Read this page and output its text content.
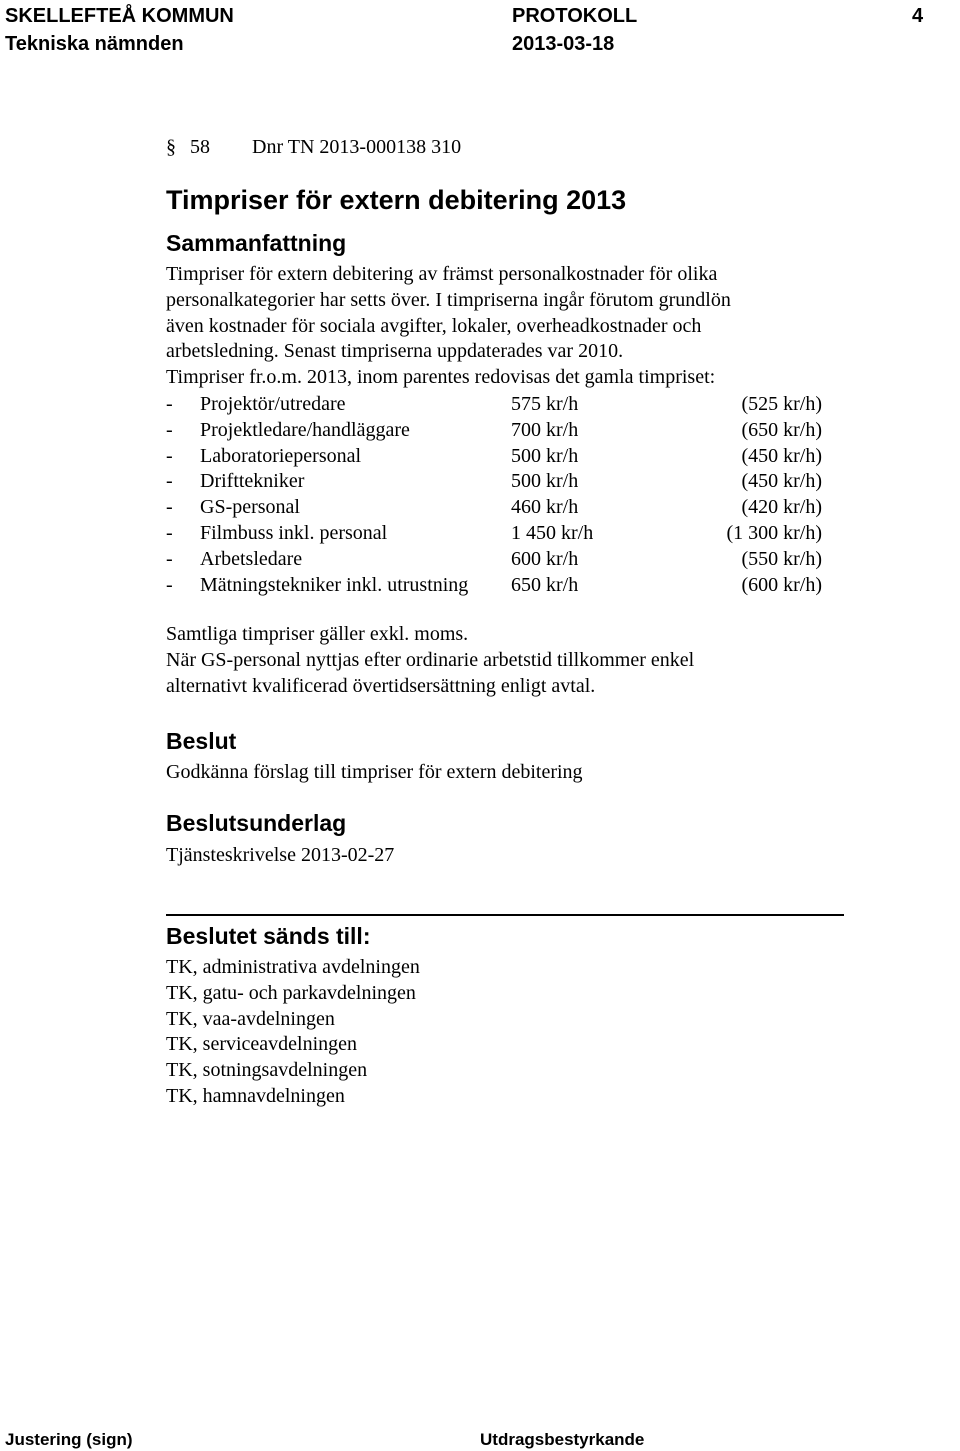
SKELLEFTEÅ KOMMUN
Tekniska nämnden
PROTOKOLL
2013-03-18
4
§ 58 Dnr TN 2013-000138 310
Timpriser för extern debitering 2013
Sammanfattning
Timpriser för extern debitering av främst personalkostnader för olika
personalkategorier har setts över. I timpriserna ingår förutom grundlön
även kostnader för sociala avgifter, lokaler, overheadkostnader och
arbetsledning. Senast timpriserna uppdaterades var 2010.
Timpriser fr.o.m. 2013, inom parentes redovisas det gamla timpriset:
- Projektör/utredare	575 kr/h	(525 kr/h)
- Projektledare/handläggare	700 kr/h	(650 kr/h)
- Laboratoriepersonal	500 kr/h	(450 kr/h)
- Drifttekniker	500 kr/h	(450 kr/h)
- GS-personal	460 kr/h	(420 kr/h)
- Filmbuss inkl. personal	1 450 kr/h	(1 300 kr/h)
- Arbetsledare	600 kr/h	(550 kr/h)
- Mätningstekniker inkl. utrustning 650 kr/h	(600 kr/h)
Samtliga timpriser gäller exkl. moms.
När GS-personal nyttjas efter ordinarie arbetstid tillkommer enkel
alternativt kvalificerad övertidsersättning enligt avtal.
Beslut
Godkänna förslag till timpriser för extern debitering
Beslutsunderlag
Tjänsteskrivelse 2013-02-27
Beslutet sänds till:
TK, administrativa avdelningen
TK, gatu- och parkavdelningen
TK, vaa-avdelningen
TK, serviceavdelningen
TK, sotningsavdelningen
TK, hamnavdelningen
Justering (sign)	Utdragsbestyrkande
